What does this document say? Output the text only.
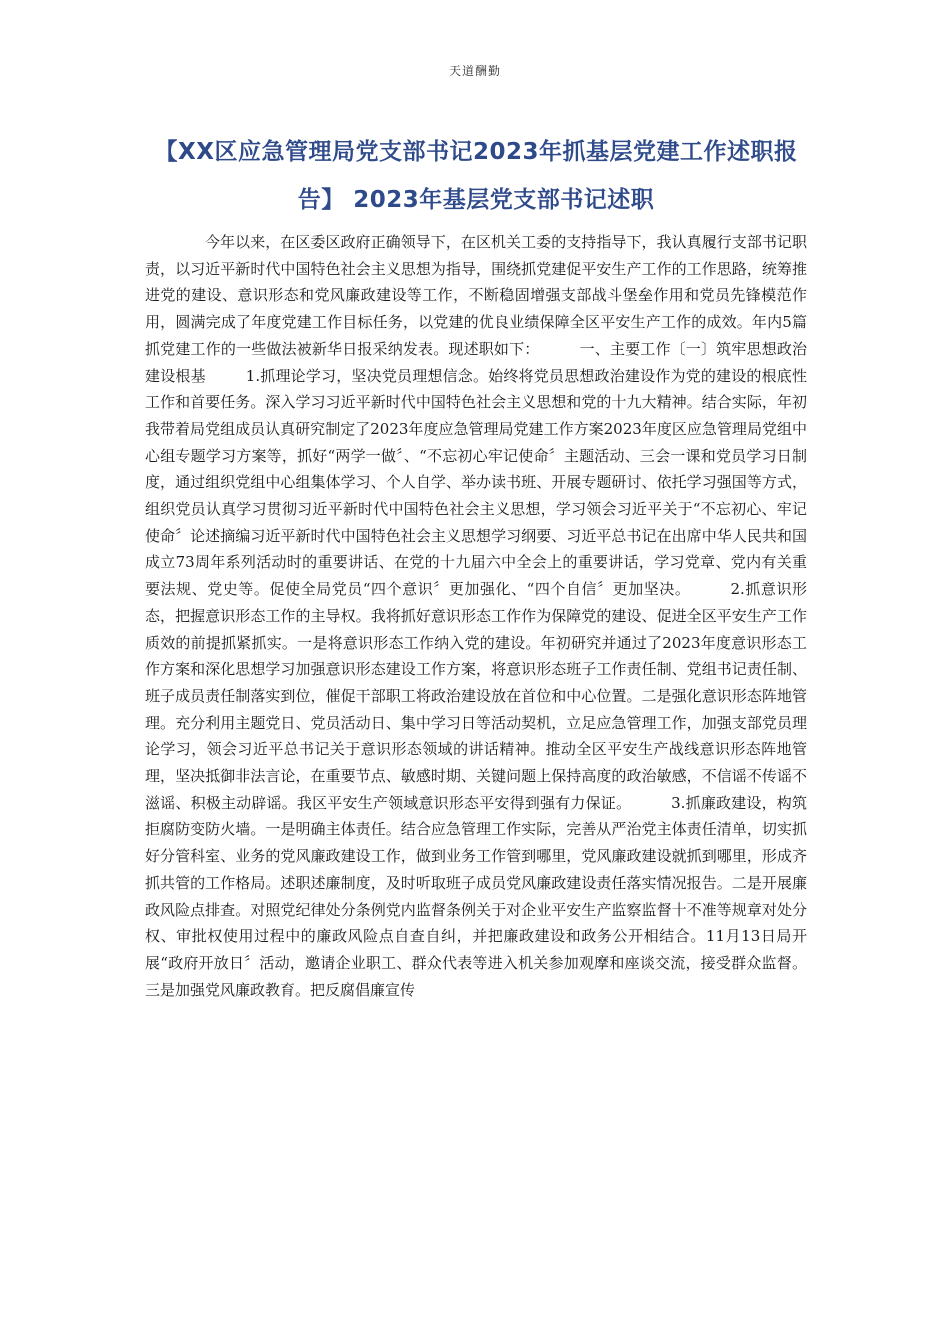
天道酬勤
【XX区应急管理局党支部书记2023年抓基层党建工作述职报告】 2023年基层党支部书记述职

今年以来，在区委区政府正确领导下，在区机关工委的支持指导下，我认真履行支部书记职责，以习近平新时代中国特色社会主义思想为指导，围绕抓党建促平安生产工作的工作思路，统筹推进党的建设、意识形态和党风廉政建设等工作，不断稳固增强支部战斗堡垒作用和党员先锋模范作用，圆满完成了年度党建工作目标任务，以党建的优良业绩保障全区平安生产工作的成效。年内5篇抓党建工作的一些做法被新华日报采纳发表。现述职如下：	一、主要工作〔一〕筑牢思想政治建设根基	1.抓理论学习，坚决党员理想信念。始终将党员思想政治建设作为党的建设的根底性工作和首要任务。深入学习习近平新时代中国特色社会主义思想和党的十九大精神。结合实际，年初我带着局党组成员认真研究制定了2023年度应急管理局党建工作方案2023年度区应急管理局党组中心组专题学习方案等，抓好“两学一做〞、“不忘初心牢记使命〞主题活动、三会一课和党员学习日制度，通过组织党组中心组集体学习、个人自学、举办读书班、开展专题研讨、依托学习强国等方式，组织党员认真学习贯彻习近平新时代中国特色社会主义思想，学习领会习近平关于“不忘初心、牢记使命〞论述摘编习近平新时代中国特色社会主义思想学习纲要、习近平总书记在出席中华人民共和国成立73周年系列活动时的重要讲话、在党的十九届六中全会上的重要讲话，学习党章、党内有关重要法规、党史等。促使全局党员“四个意识〞更加强化、“四个自信〞更加坚决。	2.抓意识形态，把握意识形态工作的主导权。我将抓好意识形态工作作为保障党的建设、促进全区平安生产工作质效的前提抓紧抓实。一是将意识形态工作纳入党的建设。年初研究并通过了2023年度意识形态工作方案和深化思想学习加强意识形态建设工作方案，将意识形态班子工作责任制、党组书记责任制、班子成员责任制落实到位，催促干部职工将政治建设放在首位和中心位置。二是强化意识形态阵地管理。充分利用主题党日、党员活动日、集中学习日等活动契机，立足应急管理工作，加强支部党员理论学习，领会习近平总书记关于意识形态领域的讲话精神。推动全区平安生产战线意识形态阵地管理，坚决抵御非法言论，在重要节点、敏感时期、关键问题上保持高度的政治敏感，不信谣不传谣不滋谣、积极主动辟谣。我区平安生产领域意识形态平安得到强有力保证。	3.抓廉政建设，构筑拒腐防变防火墙。一是明确主体责任。结合应急管理工作实际，完善从严治党主体责任清单，切实抓好分管科室、业务的党风廉政建设工作，做到业务工作管到哪里，党风廉政建设就抓到哪里，形成齐抓共管的工作格局。述职述廉制度，及时听取班子成员党风廉政建设责任落实情况报告。二是开展廉政风险点排查。对照党纪律处分条例党内监督条例关于对企业平安生产监察监督十不准等规章对处分权、审批权使用过程中的廉政风险点自查自纠，并把廉政建设和政务公开相结合。11月13日局开展“政府开放日〞活动，邀请企业职工、群众代表等进入机关参加观摩和座谈交流，接受群众监督。三是加强党风廉政教育。把反腐倡廉宣传
